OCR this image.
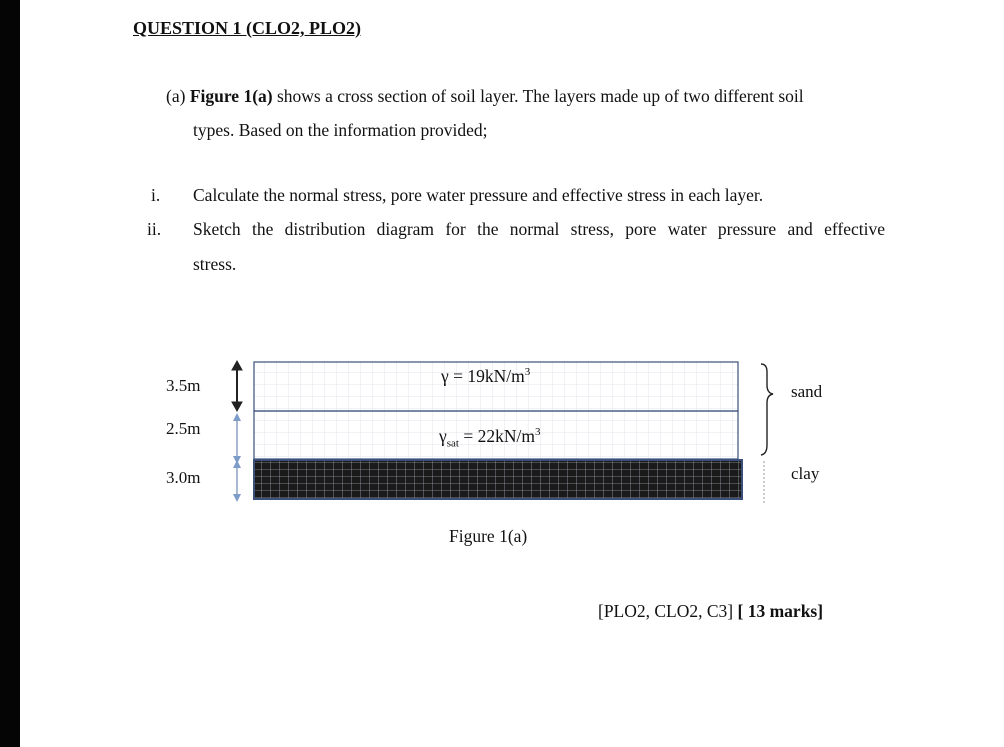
QUESTION 1 (CLO2, PLO2)
(a) Figure 1(a) shows a cross section of soil layer. The layers made up of two different soil
types. Based on the information provided;
i. Calculate the normal stress, pore water pressure and effective stress in each layer.
ii. Sketch the distribution diagram for the normal stress, pore water pressure and effective
stress.
3.5m
2.5m
3.0m
$\gamma = 19kN/m^3$
$\gamma_{sat} = 22kN/m^3$
sand
clay
Figure 1(a)
[PLO2, CLO2, C3] [ 13 marks]
